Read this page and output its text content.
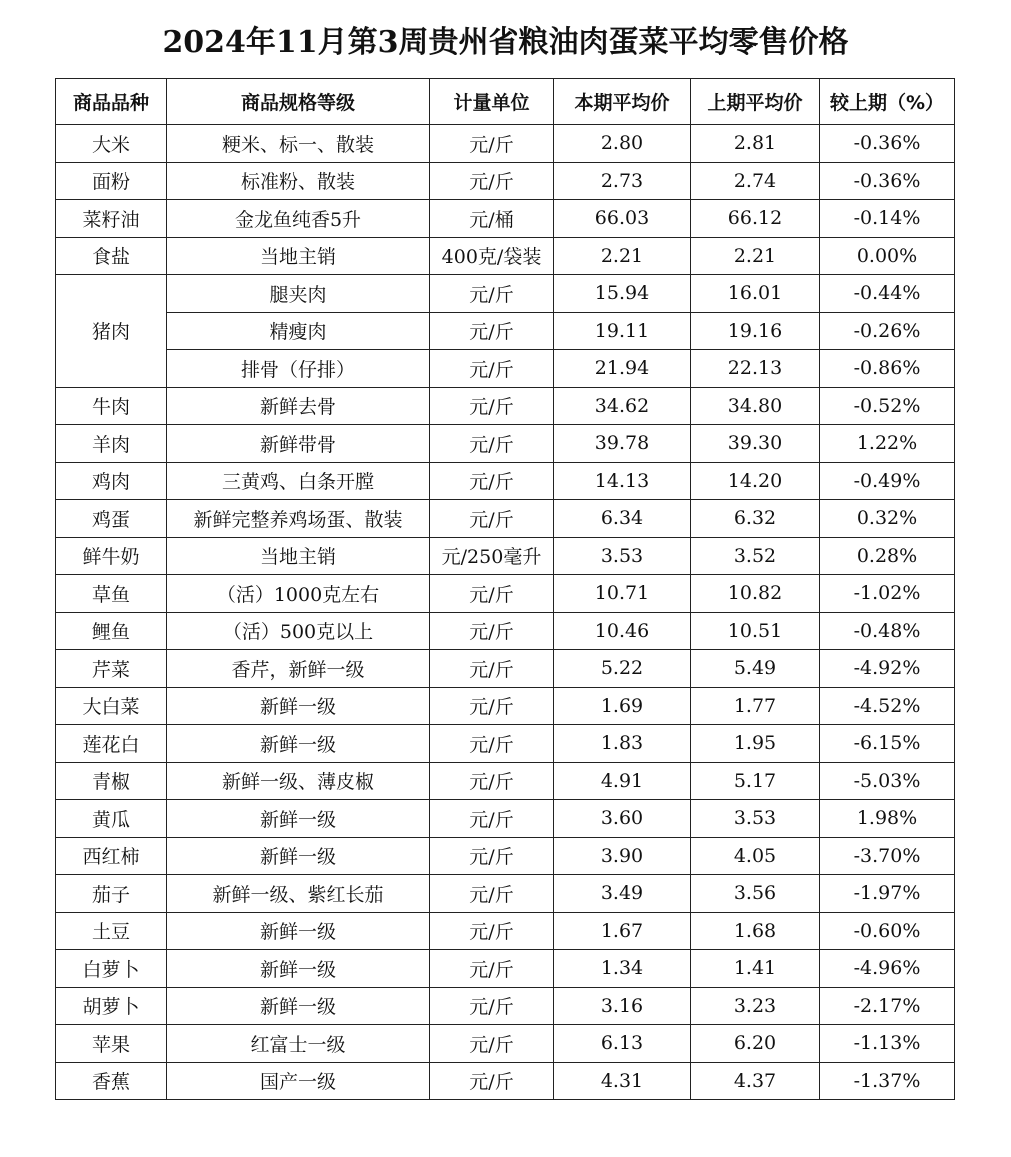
2024年11月第3周贵州省粮油肉蛋菜平均零售价格
商品品种	商品规格等级	计量单位	本期平均价	上期平均价	较上期（%）
大米	粳米、标一、散装	元/斤	2.80	2.81	-0.36%
面粉	标准粉、散装	元/斤	2.73	2.74	-0.36%
菜籽油	金龙鱼纯香5升	元/桶	66.03	66.12	-0.14%
食盐	当地主销	400克/袋装	2.21	2.21	0.00%
猪肉	腿夹肉	元/斤	15.94	16.01	-0.44%
	精瘦肉	元/斤	19.11	19.16	-0.26%
	排骨（仔排）	元/斤	21.94	22.13	-0.86%
牛肉	新鲜去骨	元/斤	34.62	34.80	-0.52%
羊肉	新鲜带骨	元/斤	39.78	39.30	1.22%
鸡肉	三黄鸡、白条开膛	元/斤	14.13	14.20	-0.49%
鸡蛋	新鲜完整养鸡场蛋、散装	元/斤	6.34	6.32	0.32%
鲜牛奶	当地主销	元/250毫升	3.53	3.52	0.28%
草鱼	（活）1000克左右	元/斤	10.71	10.82	-1.02%
鲤鱼	（活）500克以上	元/斤	10.46	10.51	-0.48%
芹菜	香芹，新鲜一级	元/斤	5.22	5.49	-4.92%
大白菜	新鲜一级	元/斤	1.69	1.77	-4.52%
莲花白	新鲜一级	元/斤	1.83	1.95	-6.15%
青椒	新鲜一级、薄皮椒	元/斤	4.91	5.17	-5.03%
黄瓜	新鲜一级	元/斤	3.60	3.53	1.98%
西红柿	新鲜一级	元/斤	3.90	4.05	-3.70%
茄子	新鲜一级、紫红长茄	元/斤	3.49	3.56	-1.97%
土豆	新鲜一级	元/斤	1.67	1.68	-0.60%
白萝卜	新鲜一级	元/斤	1.34	1.41	-4.96%
胡萝卜	新鲜一级	元/斤	3.16	3.23	-2.17%
苹果	红富士一级	元/斤	6.13	6.20	-1.13%
香蕉	国产一级	元/斤	4.31	4.37	-1.37%
